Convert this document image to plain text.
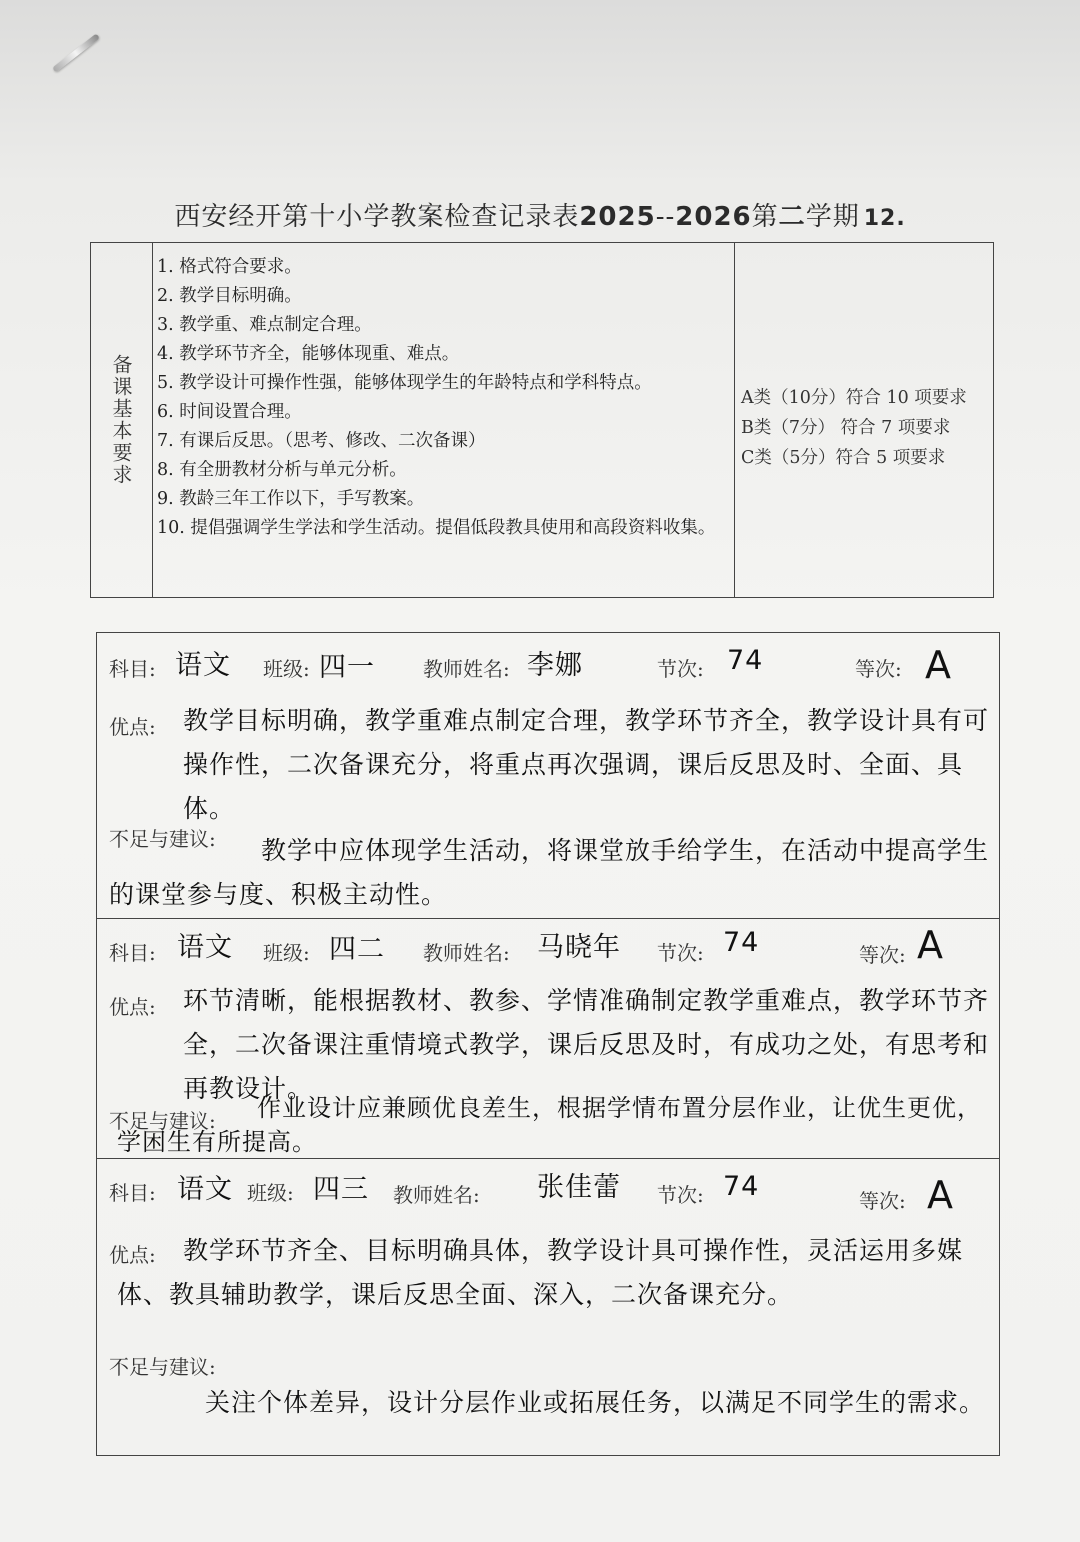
西安经开第十小学教案检查记录表2025--2026第二学期 12.
备课基本要求

1. 格式符合要求。

2. 教学目标明确。

3. 教学重、难点制定合理。

4. 教学环节齐全，能够体现重、难点。

5. 教学设计可操作性强，能够体现学生的年龄特点和学科特点。

6. 时间设置合理。

7. 有课后反思。（思考、修改、二次备课）

8. 有全册教材分析与单元分析。

9. 教龄三年工作以下，手写教案。

10. 提倡强调学生学法和学生活动。提倡低段教具使用和高段资料收集。

A类（10分）符合 10 项要求
B类（7分） 符合 7 项要求
C类（5分）符合 5 项要求
科目: 语文 班级: 四一 教师姓名: 李娜	节次: 74	等次: A
优点: 教学目标明确，教学重难点制定合理，教学环节齐全，教学设计具有可操作性，二次备课充分，将重点再次强调，课后反思及时、全面、具体。
不足与建议:	教学中应体现学生活动，将课堂放手给学生，在活动中提高学生的课堂参与度、积极主动性。
科目: 语文 班级: 四二 教师姓名: 马晓年 节次: 74	等次: A
优点: 环节清晰，能根据教材、教参、学情准确制定教学重难点，教学环节齐全，二次备课注重情境式教学，课后反思及时，有成功之处，有思考和再教设计。
不足与建议:	作业设计应兼顾优良差生，根据学情布置分层作业，让优生更优，学困生有所提高。
科目: 语文 班级: 四三 教师姓名: 张佳蕾 节次: 74	等次: A
优点:	教学环节齐全、目标明确具体，教学设计具可操作性，灵活运用多媒体、教具辅助教学，课后反思全面、深入，二次备课充分。
不足与建议:
关注个体差异，设计分层作业或拓展任务，以满足不同学生的需求。
